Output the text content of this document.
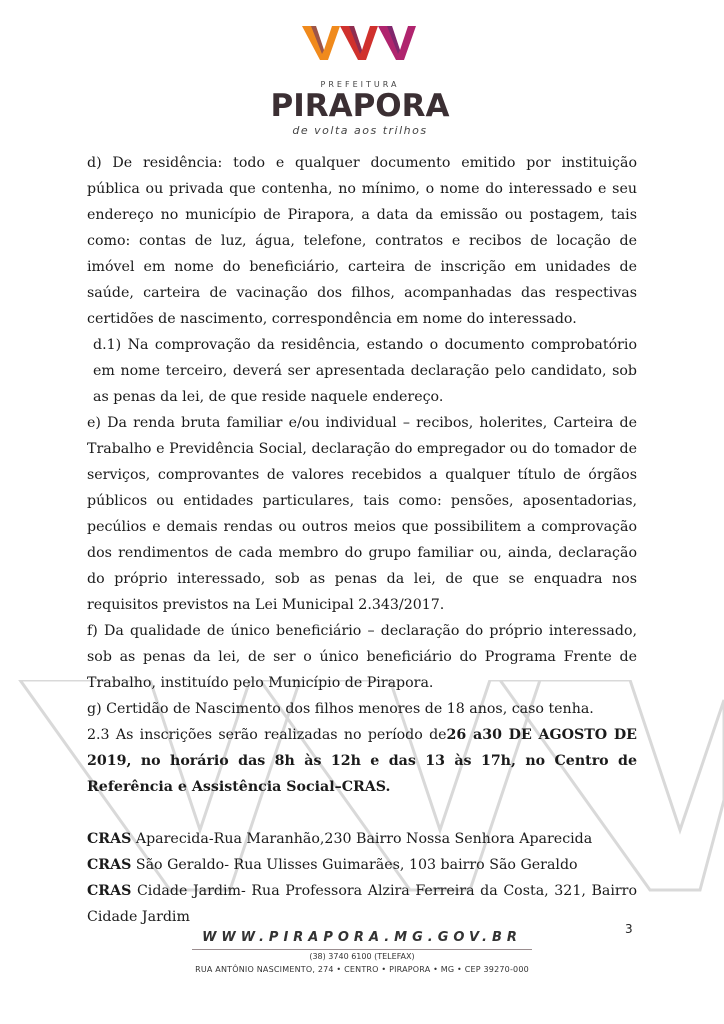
PREFEITURA
PIRAPORA
de volta aos trilhos

d) De residência: todo e qualquer documento emitido por instituição pública ou privada que contenha, no mínimo, o nome do interessado e seu endereço no município de Pirapora, a data da emissão ou postagem, tais como: contas de luz, água, telefone, contratos e recibos de locação de imóvel em nome do beneficiário, carteira de inscrição em unidades de saúde, carteira de vacinação dos filhos, acompanhadas das respectivas certidões de nascimento, correspondência em nome do interessado.

d.1) Na comprovação da residência, estando o documento comprobatório em nome terceiro, deverá ser apresentada declaração pelo candidato, sob as penas da lei, de que reside naquele endereço.

e) Da renda bruta familiar e/ou individual – recibos, holerites, Carteira de Trabalho e Previdência Social, declaração do empregador ou do tomador de serviços, comprovantes de valores recebidos a qualquer título de órgãos públicos ou entidades particulares, tais como: pensões, aposentadorias, pecúlios e demais rendas ou outros meios que possibilitem a comprovação dos rendimentos de cada membro do grupo familiar ou, ainda, declaração do próprio interessado, sob as penas da lei, de que se enquadra nos requisitos previstos na Lei Municipal 2.343/2017.

f) Da qualidade de único beneficiário – declaração do próprio interessado, sob as penas da lei, de ser o único beneficiário do Programa Frente de Trabalho, instituído pelo Município de Pirapora.

g) Certidão de Nascimento dos filhos menores de 18 anos, caso tenha.

2.3 As inscrições serão realizadas no período de26 a30 DE AGOSTO DE 2019, no horário das 8h às 12h e das 13 às 17h, no Centro de Referência e Assistência Social–CRAS.

CRAS Aparecida-Rua Maranhão,230 Bairro Nossa Senhora Aparecida

CRAS São Geraldo- Rua Ulisses Guimarães, 103 bairro São Geraldo

CRAS Cidade Jardim- Rua Professora Alzira Ferreira da Costa, 321, Bairro Cidade Jardim

3
WWW.PIRAPORA.MG.GOV.BR
(38) 3740 6100 (TELEFAX)
RUA ANTÔNIO NASCIMENTO, 274 • CENTRO • PIRAPORA • MG • CEP 39270-000
